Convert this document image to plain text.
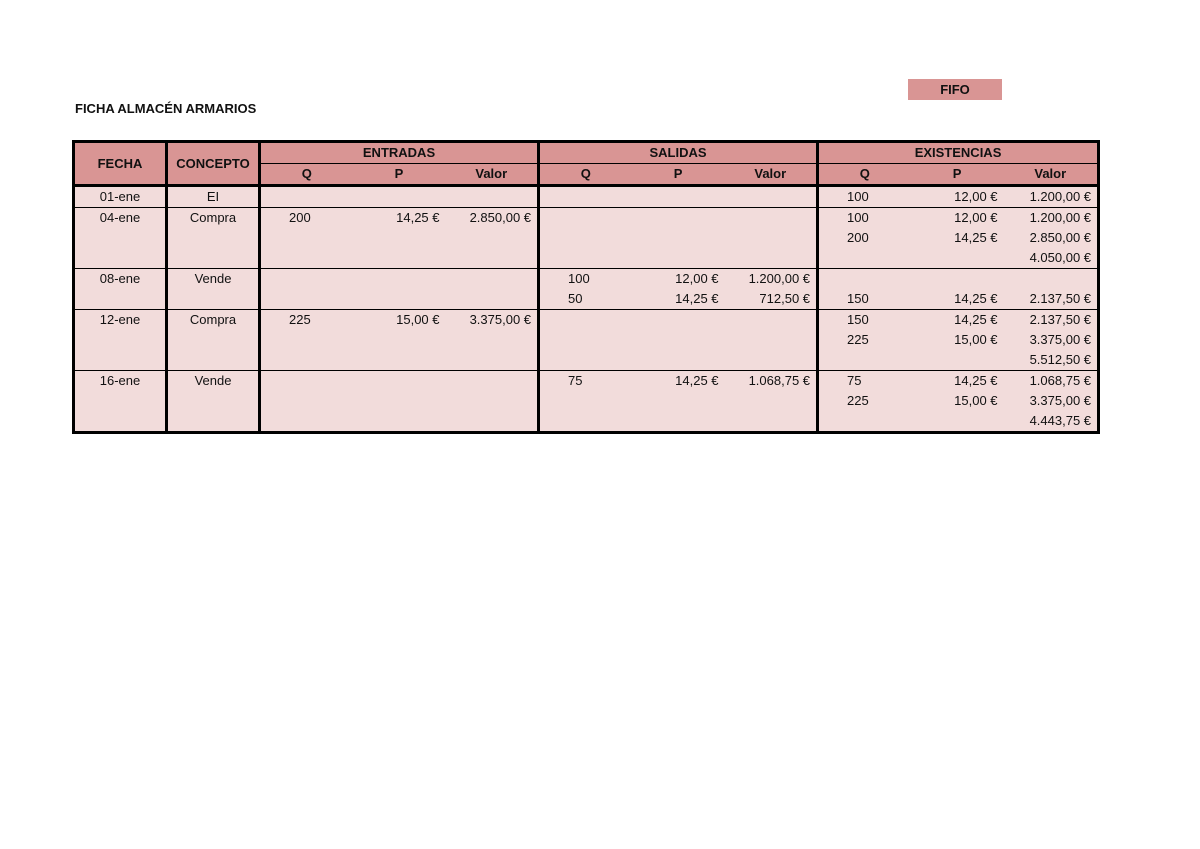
FIFO
FICHA ALMACÉN ARMARIOS
FECHA	CONCEPTO	ENTRADAS			SALIDAS			EXISTENCIAS		
		Q	P	Valor	Q	P	Valor	Q	P	Valor
01-ene	EI							100	12,00 €	1.200,00 €
04-ene	Compra	200	14,25 €	2.850,00 €				100	12,00 €	1.200,00 €
								200	14,25 €	2.850,00 €
										4.050,00 €
08-ene	Vende				100	12,00 €	1.200,00 €			
					50	14,25 €	712,50 €	150	14,25 €	2.137,50 €
12-ene	Compra	225	15,00 €	3.375,00 €				150	14,25 €	2.137,50 €
								225	15,00 €	3.375,00 €
										5.512,50 €
16-ene	Vende				75	14,25 €	1.068,75 €	75	14,25 €	1.068,75 €
								225	15,00 €	3.375,00 €
										4.443,75 €
